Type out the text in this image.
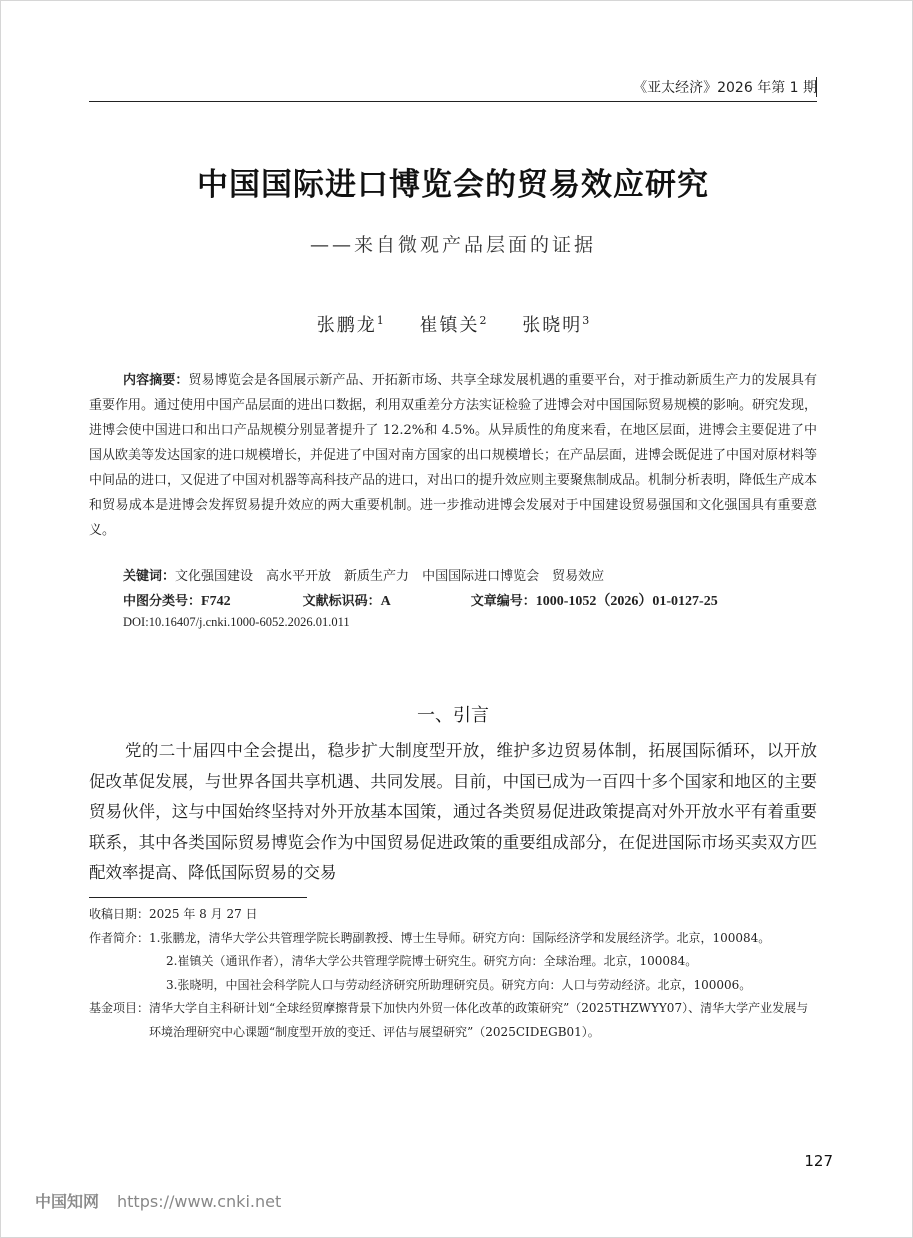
《亚太经济》2026 年第 1 期
中国国际进口博览会的贸易效应研究
——来自微观产品层面的证据
张鹏龙$^1$ 崔镇关$^2$ 张晓明$^3$
内容摘要：贸易博览会是各国展示新产品、开拓新市场、共享全球发展机遇的重要平台，对于推动新质生产力的发展具有重要作用。通过使用中国产品层面的进出口数据，利用双重差分方法实证检验了进博会对中国国际贸易规模的影响。研究发现，进博会使中国进口和出口产品规模分别显著提升了 12.2%和 4.5%。从异质性的角度来看，在地区层面，进博会主要促进了中国从欧美等发达国家的进口规模增长，并促进了中国对南方国家的出口规模增长；在产品层面，进博会既促进了中国对原材料等中间品的进口，又促进了中国对机器等高科技产品的进口，对出口的提升效应则主要聚焦制成品。机制分析表明，降低生产成本和贸易成本是进博会发挥贸易提升效应的两大重要机制。进一步推动进博会发展对于中国建设贸易强国和文化强国具有重要意义。
关键词：文化强国建设  高水平开放  新质生产力  中国国际进口博览会  贸易效应
中图分类号：F742	文献标识码：A	文章编号：1000-1052（2026）01-0127-25
DOI:10.16407/j.cnki.1000-6052.2026.01.011
一、引言
党的二十届四中全会提出，稳步扩大制度型开放，维护多边贸易体制，拓展国际循环，以开放促改革促发展，与世界各国共享机遇、共同发展。目前，中国已成为一百四十多个国家和地区的主要贸易伙伴，这与中国始终坚持对外开放基本国策，通过各类贸易促进政策提高对外开放水平有着重要联系，其中各类国际贸易博览会作为中国贸易促进政策的重要组成部分，在促进国际市场买卖双方匹配效率提高、降低国际贸易的交易
收稿日期： 2025 年 8 月 27 日
作者简介： 1.张鹏龙，清华大学公共管理学院长聘副教授、博士生导师。研究方向：国际经济学和发展经济学。北京，100084。
2.崔镇关（通讯作者），清华大学公共管理学院博士研究生。研究方向：全球治理。北京，100084。
3.张晓明，中国社会科学院人口与劳动经济研究所助理研究员。研究方向：人口与劳动经济。北京，100006。
基金项目： 清华大学自主科研计划“全球经贸摩擦背景下加快内外贸一体化改革的政策研究”（2025THZWYY07）、清华大学产业发展与环境治理研究中心课题“制度型开放的变迁、评估与展望研究”（2025CIDEGB01）。
127
中国知网 https://www.cnki.net
